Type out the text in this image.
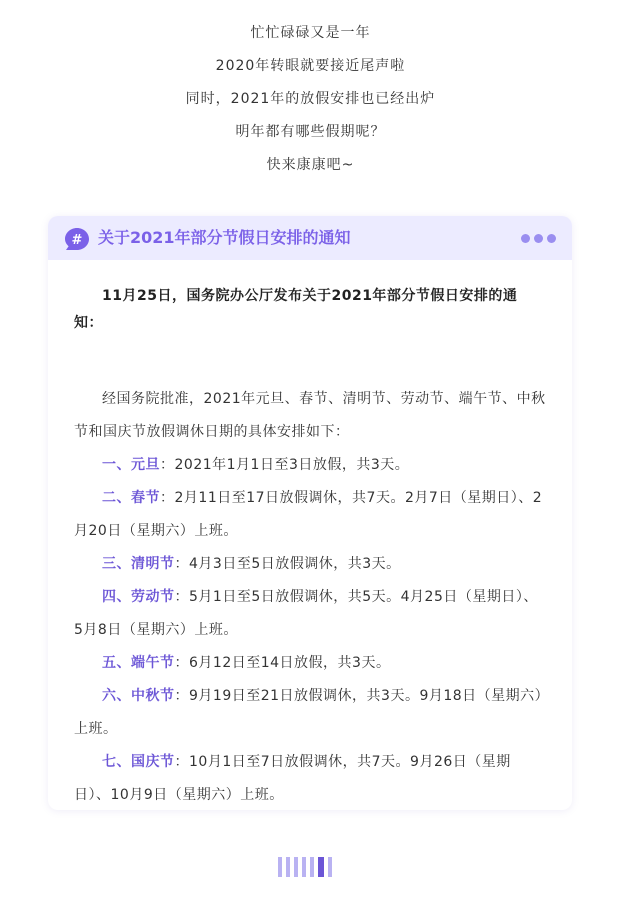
忙忙碌碌又是一年

2020年转眼就要接近尾声啦

同时，2021年的放假安排也已经出炉

明年都有哪些假期呢？

快来康康吧~

# 关于2021年部分节假日安排的通知

11月25日，国务院办公厅发布关于2021年部分节假日安排的通知：

经国务院批准，2021年元旦、春节、清明节、劳动节、端午节、中秋节和国庆节放假调休日期的具体安排如下：

一、元旦：2021年1月1日至3日放假，共3天。

二、春节：2月11日至17日放假调休，共7天。2月7日（星期日）、2月20日（星期六）上班。

三、清明节：4月3日至5日放假调休，共3天。

四、劳动节：5月1日至5日放假调休，共5天。4月25日（星期日）、5月8日（星期六）上班。

五、端午节：6月12日至14日放假，共3天。

六、中秋节：9月19日至21日放假调休，共3天。9月18日（星期六）上班。

七、国庆节：10月1日至7日放假调休，共7天。9月26日（星期日）、10月9日（星期六）上班。
